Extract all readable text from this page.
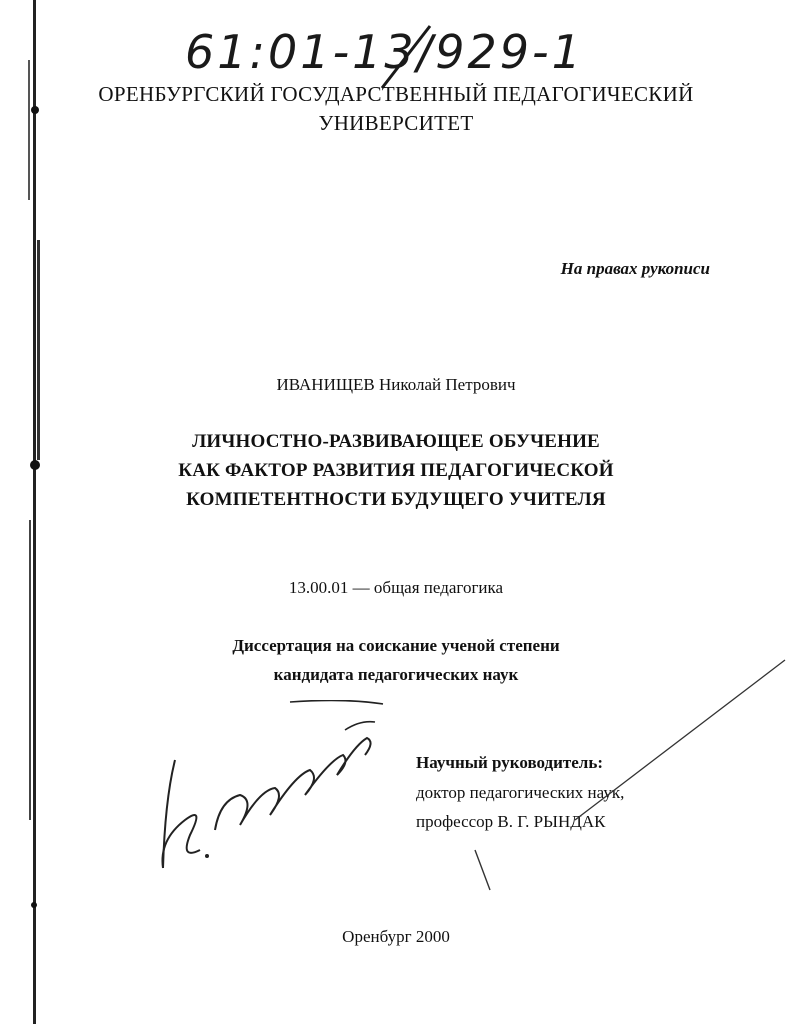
61:01-13/929-1
ОРЕНБУРГСКИЙ ГОСУДАРСТВЕННЫЙ ПЕДАГОГИЧЕСКИЙ
УНИВЕРСИТЕТ
На правах рукописи
ИВАНИЩЕВ Николай Петрович
ЛИЧНОСТНО-РАЗВИВАЮЩЕЕ ОБУЧЕНИЕ
КАК ФАКТОР РАЗВИТИЯ ПЕДАГОГИЧЕСКОЙ
КОМПЕТЕНТНОСТИ БУДУЩЕГО УЧИТЕЛЯ
13.00.01 — общая педагогика
Диссертация на соискание ученой степени
кандидата педагогических наук
Научный руководитель:
доктор педагогических наук,
профессор В. Г. РЫНДАК
Оренбург 2000
